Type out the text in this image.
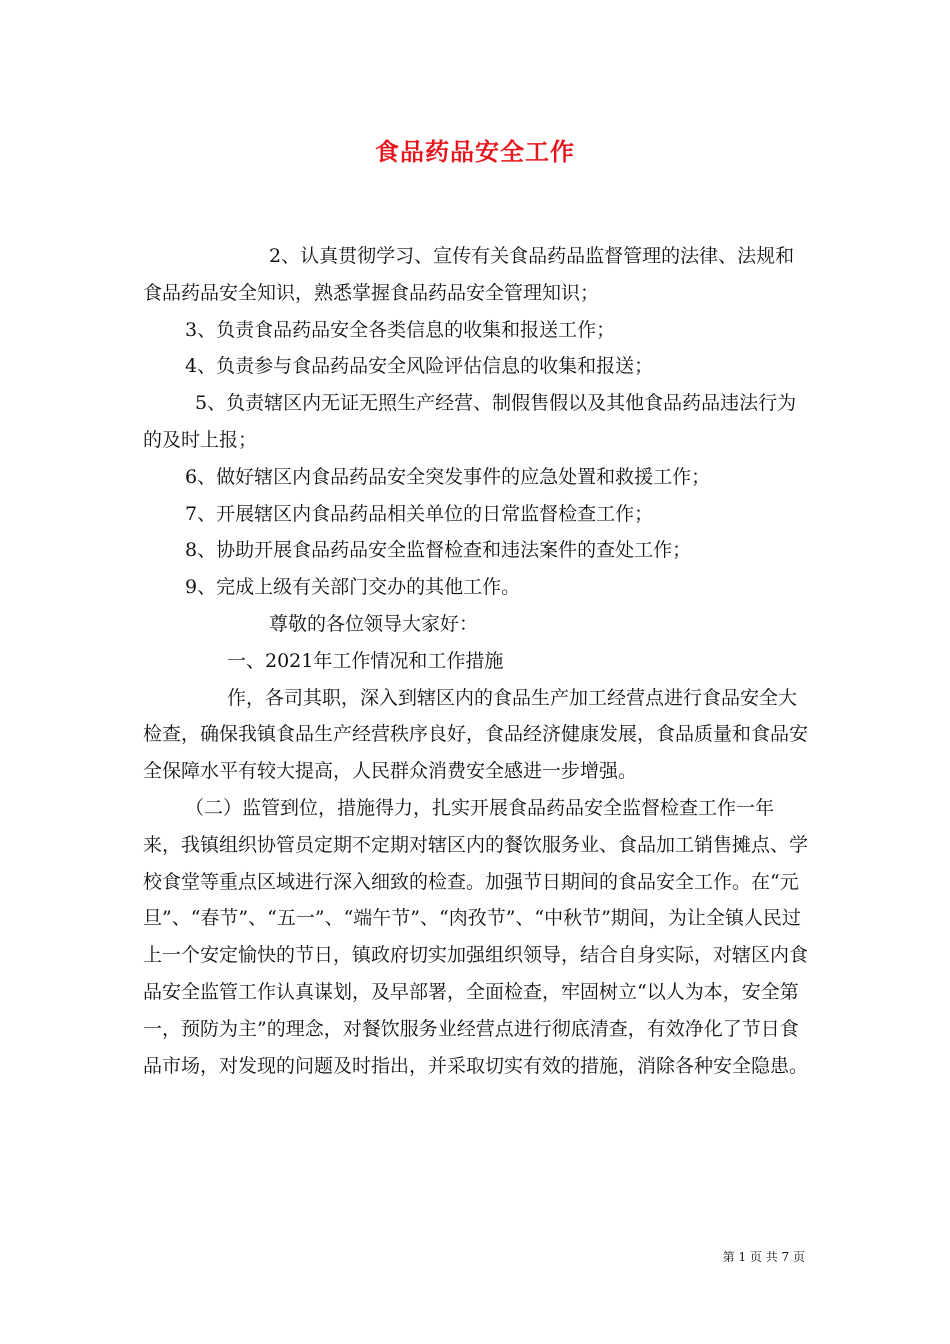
食品药品安全工作

2、认真贯彻学习、宣传有关食品药品监督管理的法律、法规和食品药品安全知识，熟悉掌握食品药品安全管理知识；

3、负责食品药品安全各类信息的收集和报送工作；

4、负责参与食品药品安全风险评估信息的收集和报送；

5、负责辖区内无证无照生产经营、制假售假以及其他食品药品违法行为的及时上报；

6、做好辖区内食品药品安全突发事件的应急处置和救援工作；

7、开展辖区内食品药品相关单位的日常监督检查工作；

8、协助开展食品药品安全监督检查和违法案件的查处工作；

9、完成上级有关部门交办的其他工作。

尊敬的各位领导大家好：

一、2021年工作情况和工作措施

作，各司其职，深入到辖区内的食品生产加工经营点进行食品安全大检查，确保我镇食品生产经营秩序良好，食品经济健康发展，食品质量和食品安全保障水平有较大提高，人民群众消费安全感进一步增强。

（二）监管到位，措施得力，扎实开展食品药品安全监督检查工作一年来，我镇组织协管员定期不定期对辖区内的餐饮服务业、食品加工销售摊点、学校食堂等重点区域进行深入细致的检查。加强节日期间的食品安全工作。在“元旦”、“春节”、“五一”、“端午节”、“肉孜节”、“中秋节”期间，为让全镇人民过上一个安定愉快的节日，镇政府切实加强组织领导，结合自身实际，对辖区内食品安全监管工作认真谋划，及早部署，全面检查，牢固树立“以人为本，安全第一，预防为主”的理念，对餐饮服务业经营点进行彻底清查，有效净化了节日食品市场，对发现的问题及时指出，并采取切实有效的措施，消除各种安全隐患。

第 1 页 共 7 页
